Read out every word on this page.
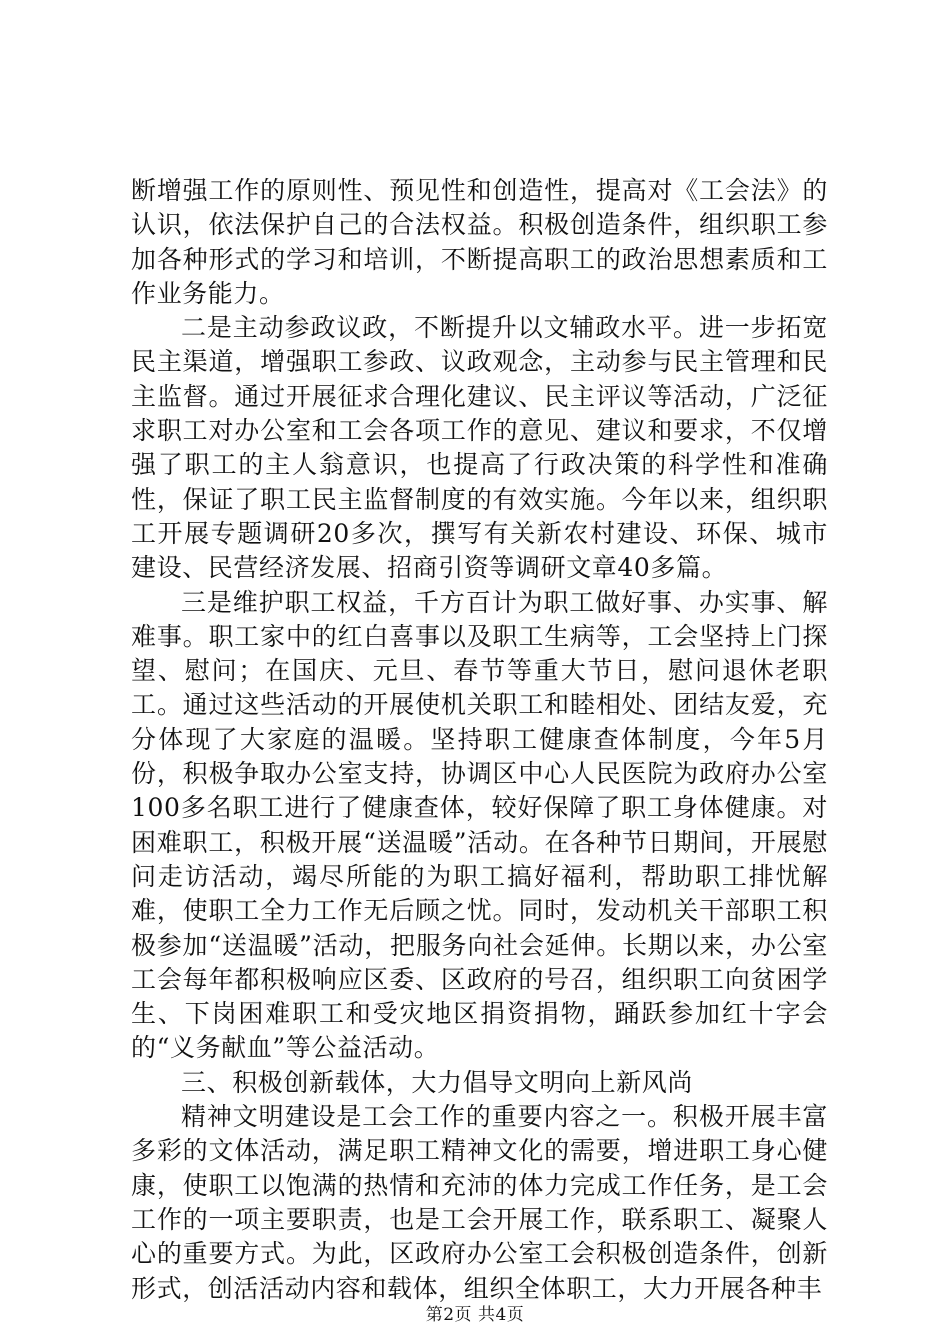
断增强工作的原则性、预见性和创造性，提高对《工会法》的认识，依法保护自己的合法权益。积极创造条件，组织职工参加各种形式的学习和培训，不断提高职工的政治思想素质和工作业务能力。

二是主动参政议政，不断提升以文辅政水平。进一步拓宽民主渠道，增强职工参政、议政观念，主动参与民主管理和民主监督。通过开展征求合理化建议、民主评议等活动，广泛征求职工对办公室和工会各项工作的意见、建议和要求，不仅增强了职工的主人翁意识，也提高了行政决策的科学性和准确性，保证了职工民主监督制度的有效实施。今年以来，组织职工开展专题调研20多次，撰写有关新农村建设、环保、城市建设、民营经济发展、招商引资等调研文章40多篇。

三是维护职工权益，千方百计为职工做好事、办实事、解难事。职工家中的红白喜事以及职工生病等，工会坚持上门探望、慰问；在国庆、元旦、春节等重大节日，慰问退休老职工。通过这些活动的开展使机关职工和睦相处、团结友爱，充分体现了大家庭的温暖。坚持职工健康查体制度，今年5月份，积极争取办公室支持，协调区中心人民医院为政府办公室100多名职工进行了健康查体，较好保障了职工身体健康。对困难职工，积极开展“送温暖”活动。在各种节日期间，开展慰问走访活动，竭尽所能的为职工搞好福利，帮助职工排忧解难，使职工全力工作无后顾之忧。同时，发动机关干部职工积极参加“送温暖”活动，把服务向社会延伸。长期以来，办公室工会每年都积极响应区委、区政府的号召，组织职工向贫困学生、下岗困难职工和受灾地区捐资捐物，踊跃参加红十字会的“义务献血”等公益活动。

三、积极创新载体，大力倡导文明向上新风尚

精神文明建设是工会工作的重要内容之一。积极开展丰富多彩的文体活动，满足职工精神文化的需要，增进职工身心健康，使职工以饱满的热情和充沛的体力完成工作任务，是工会工作的一项主要职责，也是工会开展工作，联系职工、凝聚人心的重要方式。为此，区政府办公室工会积极创造条件，创新形式，创活活动内容和载体，组织全体职工，大力开展各种丰

第2页 共4页
